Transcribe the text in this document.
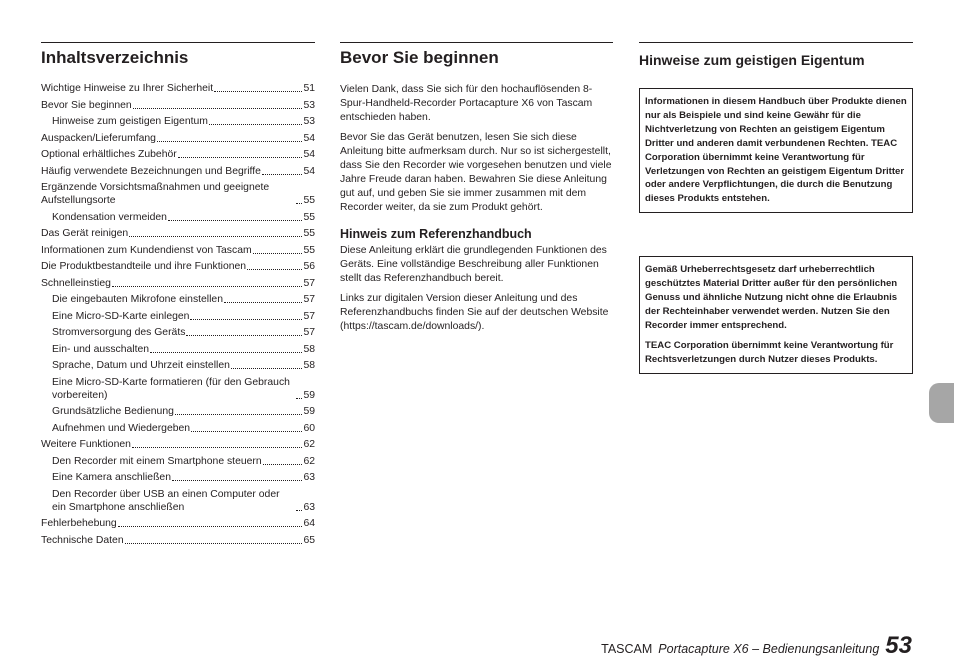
Inhaltsverzeichnis
Wichtige Hinweise zu Ihrer Sicherheit	51
Bevor Sie beginnen	53
Hinweise zum geistigen Eigentum	53
Auspacken/Lieferumfang	54
Optional erhältliches Zubehör	54
Häufig verwendete Bezeichnungen und Begriffe	54
Ergänzende Vorsichtsmaßnahmen und geeignete Aufstellungsorte	55
Kondensation vermeiden	55
Das Gerät reinigen	55
Informationen zum Kundendienst von Tascam	55
Die Produktbestandteile und ihre Funktionen	56
Schnelleinstieg	57
Die eingebauten Mikrofone einstellen	57
Eine Micro-SD-Karte einlegen	57
Stromversorgung des Geräts	57
Ein- und ausschalten	58
Sprache, Datum und Uhrzeit einstellen	58
Eine Micro-SD-Karte formatieren (für den Gebrauch vorbereiten)	59
Grundsätzliche Bedienung	59
Aufnehmen und Wiedergeben	60
Weitere Funktionen	62
Den Recorder mit einem Smartphone steuern	62
Eine Kamera anschließen	63
Den Recorder über USB an einen Computer oder ein Smartphone anschließen	63
Fehlerbehebung	64
Technische Daten	65
Bevor Sie beginnen

Vielen Dank, dass Sie sich für den hochauflösenden 8-Spur-Handheld-Recorder Portacapture X6 von Tascam entschieden haben.

Bevor Sie das Gerät benutzen, lesen Sie sich diese Anleitung bitte aufmerksam durch. Nur so ist sichergestellt, dass Sie den Recorder wie vorgesehen benutzen und viele Jahre Freude daran haben. Bewahren Sie diese Anleitung gut auf, und geben Sie sie immer zusammen mit dem Recorder weiter, da sie zum Produkt gehört.

Hinweis zum Referenzhandbuch

Diese Anleitung erklärt die grundlegenden Funktionen des Geräts. Eine vollständige Beschreibung aller Funktionen stellt das Referenzhandbuch bereit.

Links zur digitalen Version dieser Anleitung und des Referenzhandbuchs finden Sie auf der deutschen Website (https://tascam.de/downloads/).

Hinweise zum geistigen Eigentum

Informationen in diesem Handbuch über Produkte dienen nur als Beispiele und sind keine Gewähr für die Nichtverletzung von Rechten an geistigem Eigentum Dritter und anderen damit verbundenen Rechten. TEAC Corporation übernimmt keine Verantwortung für Verletzungen von Rechten an geistigem Eigentum Dritter oder andere Verpflichtungen, die durch die Benutzung dieses Produkts entstehen.

Gemäß Urheberrechtsgesetz darf urheberrechtlich geschütztes Material Dritter außer für den persönlichen Genuss und ähnliche Nutzung nicht ohne die Erlaubnis der Rechteinhaber verwendet werden. Nutzen Sie den Recorder immer entsprechend.

TEAC Corporation übernimmt keine Verantwortung für Rechtsverletzungen durch Nutzer dieses Produkts.

TASCAM Portacapture X6 – Bedienungsanleitung 53
